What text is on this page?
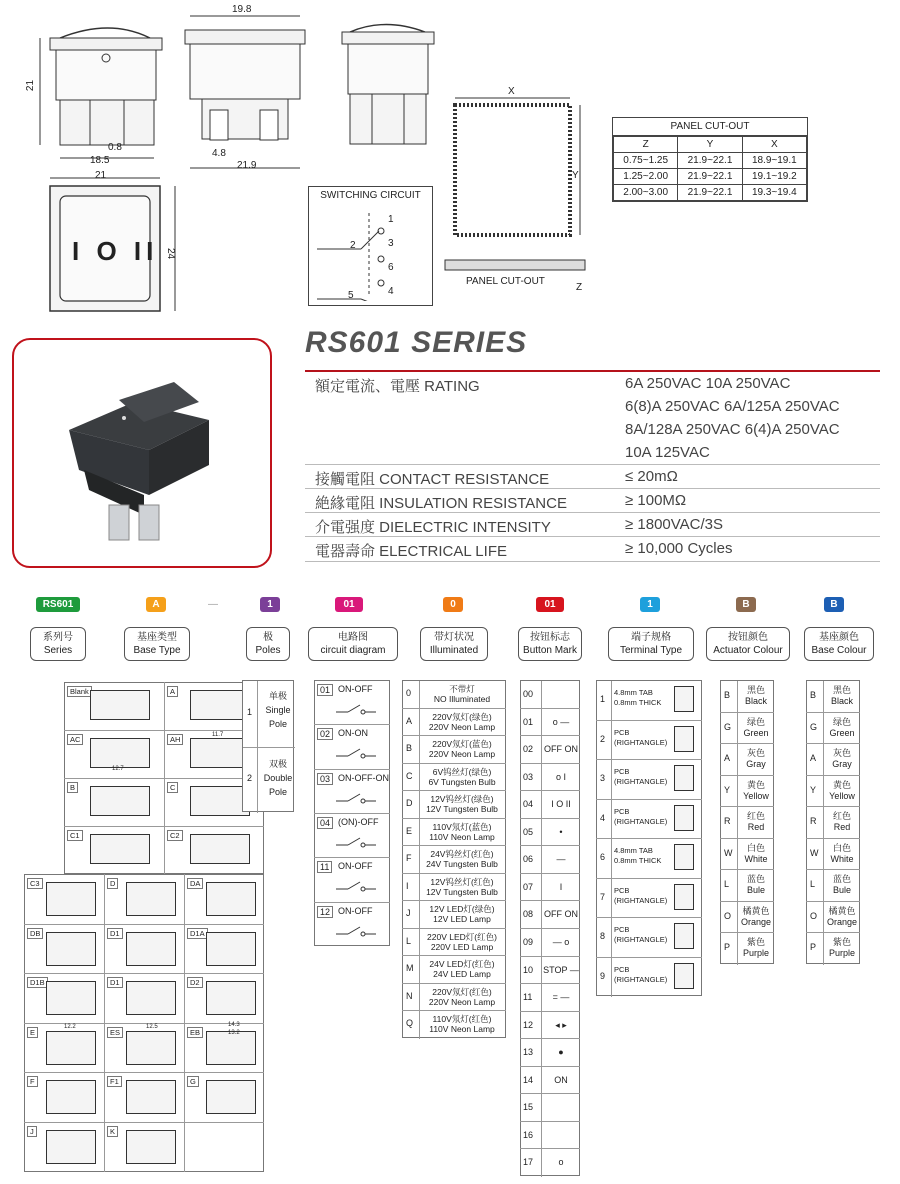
21
0.8
18.5
19.8
4.8
21.9
21
24
I O II
SWITCHING CIRCUIT
1
2	3
6
5	4
X
Y
Z
PANEL CUT-OUT
PANEL CUT-OUT
Z	Y	X
0.75~1.25	21.9~22.1	18.9~19.1
1.25~2.00	21.9~22.1	19.1~19.2
2.00~3.00	21.9~22.1	19.3~19.4
RS601 SERIES
額定電流、電壓 RATING	6A 250VAC 10A 250VAC
6(8)A 250VAC 6A/125A 250VAC
8A/128A 250VAC 6(4)A 250VAC
10A 125VAC
接觸電阻 CONTACT RESISTANCE	≤ 20mΩ
絶緣電阻 INSULATION RESISTANCE	≥ 100MΩ
介電强度 DIELECTRIC INTENSITY	≥ 1800VAC/3S
電器壽命 ELECTRICAL LIFE	≥ 10,000 Cycles
RS601	A	—	1	01	0	01	1	B	B
系列号
Series
基座类型
Base Type
极
Poles
电路图
circuit diagram
带灯状况
Illuminated
按钮标志
Button Mark
端子规格
Terminal Type
按钮颜色
Actuator Colour
基座颜色
Base Colour
Blank	A
AC	AH
B	C
C1	C2
C3	D	DA
DB	D1	D1A
D1B	D1	D2
E	ES	EB
F	F1	G
J	K
11.7
12.7
12.2	12.5	14.3
13.2
1
单极
Single
Pole
2
双极
Double
Pole
01 ON-OFF
02 ON-ON
03 ON-OFF-ON
04 (ON)-OFF
11 ON-OFF
12 ON-OFF
0	不带灯
NO Illuminated
A	220V氖灯(绿色)
220V Neon Lamp
B	220V氖灯(蓝色)
220V Neon Lamp
C	6V钨丝灯(绿色)
6V Tungsten Bulb
D	12V钨丝灯(绿色)
12V Tungsten Bulb
E	110V氖灯(蓝色)
110V Neon Lamp
F	24V钨丝灯(红色)
24V Tungsten Bulb
I	12V钨丝灯(红色)
12V Tungsten Bulb
J	12V LED灯(绿色)
12V LED Lamp
L	220V LED灯(红色)
220V LED Lamp
M	24V LED灯(红色)
24V LED Lamp
N	220V氖灯(红色)
220V Neon Lamp
Q	110V氖灯(红色)
110V Neon Lamp
00
01	o —
02 OFF ON
03	o I
04	I O II
05	•
06	—
07	I
08 OFF ON
09	— o
10 STOP —
11	= —
12	◂ ▸
13	●
14	ON
15
16
17	o
1
4.8mm TAB
0.8mm THICK
2
PCB
(RIGHTANGLE)
3
PCB
(RIGHTANGLE)
4
PCB
(RIGHTANGLE)
6
4.8mm TAB
0.8mm THICK
7
PCB
(RIGHTANGLE)
8
PCB
(RIGHTANGLE)
9
PCB
(RIGHTANGLE)
B	黑色
Black
G	绿色
Green
A	灰色
Gray
Y	黄色
Yellow
R	红色
Red
W	白色
White
L	蓝色
Bule
O	橘黄色
Orange
P	紫色
Purple
B	黑色
Black
G	绿色
Green
A	灰色
Gray
Y	黄色
Yellow
R	红色
Red
W	白色
White
L	蓝色
Bule
O	橘黄色
Orange
P	紫色
Purple
